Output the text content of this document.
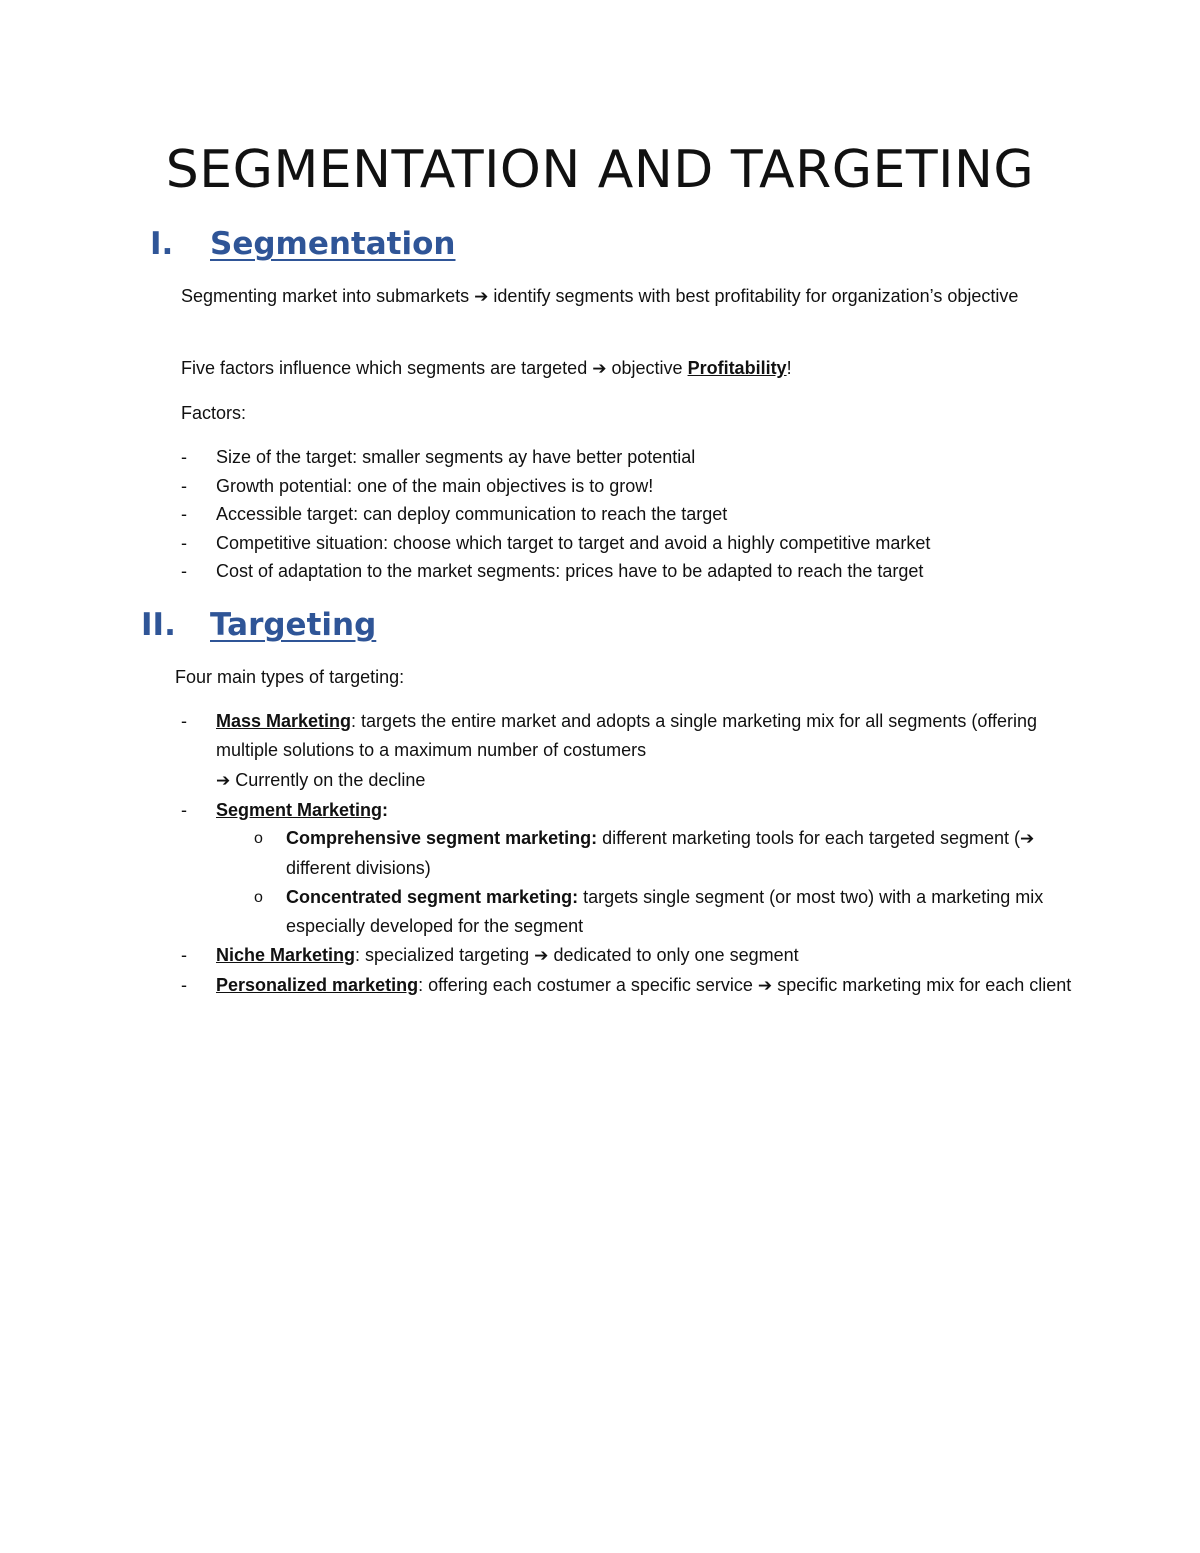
SEGMENTATION AND TARGETING
I. Segmentation

Segmenting market into submarkets ➔ identify segments with best profitability for organization’s objective

Five factors influence which segments are targeted ➔ objective Profitability!

Factors:

- Size of the target: smaller segments ay have better potential
- Growth potential: one of the main objectives is to grow!
- Accessible target: can deploy communication to reach the target
- Competitive situation: choose which target to target and avoid a highly competitive market
- Cost of adaptation to the market segments: prices have to be adapted to reach the target
II. Targeting

Four main types of targeting:

- Mass Marketing: targets the entire market and adopts a single marketing mix for all segments (offering multiple solutions to a maximum number of costumers
➔ Currently on the decline
- Segment Marketing:
o Comprehensive segment marketing: different marketing tools for each targeted segment (➔ different divisions)
o Concentrated segment marketing: targets single segment (or most two) with a marketing mix especially developed for the segment
- Niche Marketing: specialized targeting ➔ dedicated to only one segment
- Personalized marketing: offering each costumer a specific service ➔ specific marketing mix for each client
